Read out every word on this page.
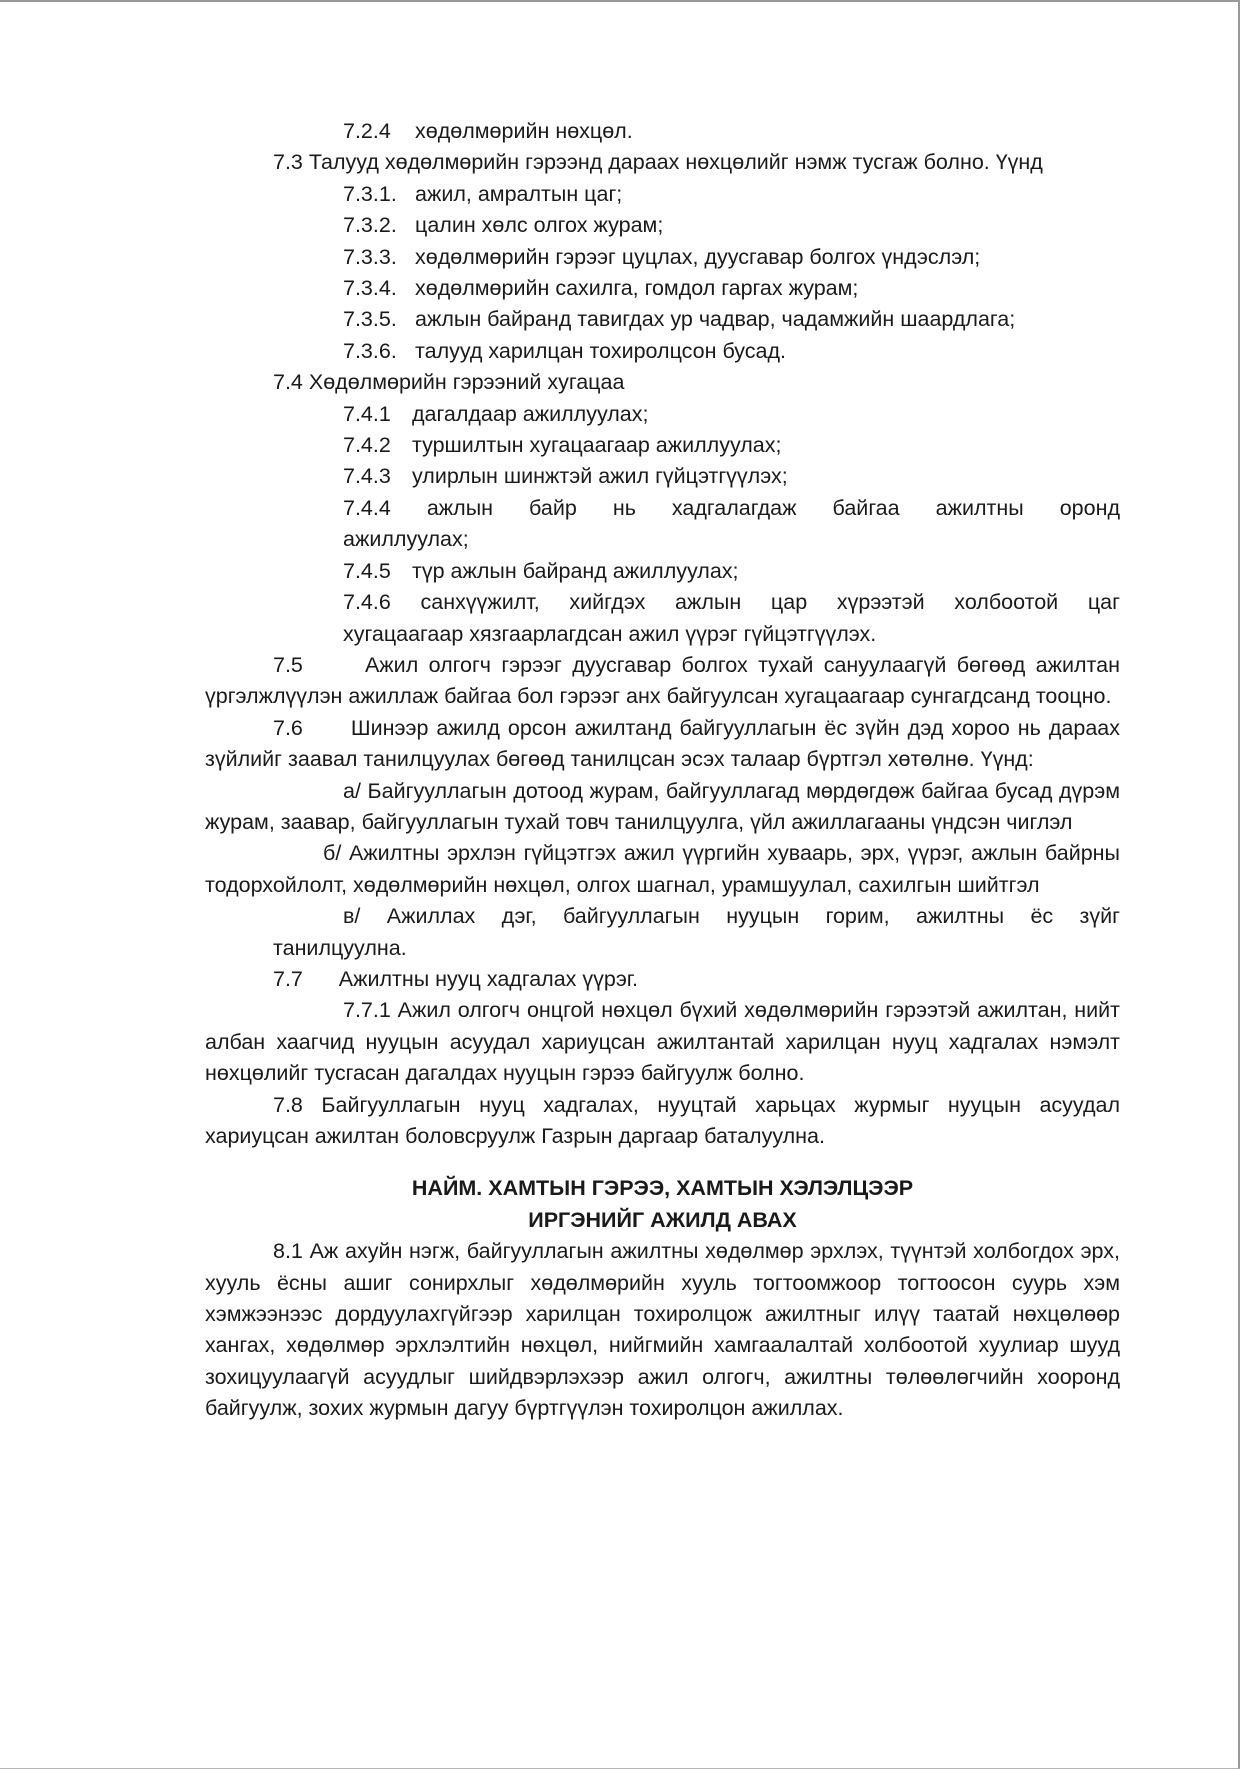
7.2.4 хөдөлмөрийн нөхцөл.
7.3 Талууд хөдөлмөрийн гэрээнд дараах нөхцөлийг нэмж тусгаж болно. Үүнд
7.3.1. ажил, амралтын цаг;
7.3.2. цалин хөлс олгох журам;
7.3.3. хөдөлмөрийн гэрээг цуцлах, дуусгавар болгох үндэслэл;
7.3.4. хөдөлмөрийн сахилга, гомдол гаргах журам;
7.3.5. ажлын байранд тавигдах ур чадвар, чадамжийн шаардлага;
7.3.6. талууд харилцан тохиролцсон бусад.
7.4 Хөдөлмөрийн гэрээний хугацаа
7.4.1 дагалдаар ажиллуулах;
7.4.2 туршилтын хугацаагаар ажиллуулах;
7.4.3 улирлын шинжтэй ажил гүйцэтгүүлэх;
7.4.4 ажлын байр нь хадгалагдаж байгаа ажилтны оронд
ажиллуулах;
7.4.5 түр ажлын байранд ажиллуулах;
7.4.6 санхүүжилт, хийгдэх ажлын цар хүрээтэй холбоотой цаг
хугацаагаар хязгаарлагдсан ажил үүрэг гүйцэтгүүлэх.
7.5      Ажил олгогч гэрээг дуусгавар болгох тухай сануулаагүй бөгөөд ажилтан үргэлжлүүлэн ажиллаж байгаа бол гэрээг анх байгуулсан хугацаагаар сунгагдсанд тооцно.
7.6      Шинээр ажилд орсон ажилтанд байгууллагын ёс зүйн дэд хороо нь дараах зүйлийг заавал танилцуулах бөгөөд танилцсан эсэх талаар бүртгэл хөтөлнө. Үүнд:
а/ Байгууллагын дотоод журам, байгууллагад мөрдөгдөж байгаа бусад дүрэм журам, заавар, байгууллагын тухай товч танилцуулга, үйл ажиллагааны үндсэн чиглэл
б/ Ажилтны эрхлэн гүйцэтгэх ажил үүргийн хуваарь, эрх, үүрэг, ажлын байрны тодорхойлолт, хөдөлмөрийн нөхцөл, олгох шагнал, урамшуулал, сахилгын шийтгэл
в/ Ажиллах дэг, байгууллагын нууцын горим, ажилтны ёс зүйг
танилцуулна.
7.7      Ажилтны нууц хадгалах үүрэг.
7.7.1 Ажил олгогч онцгой нөхцөл бүхий хөдөлмөрийн гэрээтэй ажилтан, нийт албан хаагчид нууцын асуудал хариуцсан ажилтантай харилцан нууц хадгалах нэмэлт нөхцөлийг тусгасан дагалдах нууцын гэрээ байгуулж болно.
7.8 Байгууллагын нууц хадгалах, нууцтай харьцах журмыг нууцын асуудал хариуцсан ажилтан боловсруулж Газрын даргаар баталуулна.
НАЙМ. ХАМТЫН ГЭРЭЭ, ХАМТЫН ХЭЛЭЛЦЭЭР
ИРГЭНИЙГ АЖИЛД АВАХ
8.1 Аж ахуйн нэгж, байгууллагын ажилтны хөдөлмөр эрхлэх, түүнтэй холбогдох эрх, хууль ёсны ашиг сонирхлыг хөдөлмөрийн хууль тогтоомжоор тогтоосон суурь хэм хэмжээнээс дордуулахгүйгээр харилцан тохиролцож ажилтныг илүү таатай нөхцөлөөр хангах, хөдөлмөр эрхлэлтийн нөхцөл, нийгмийн хамгаалалтай холбоотой хуулиар шууд зохицуулаагүй асуудлыг шийдвэрлэхээр ажил олгогч, ажилтны төлөөлөгчийн хооронд байгуулж, зохих журмын дагуу бүртгүүлэн тохиролцон ажиллах.
